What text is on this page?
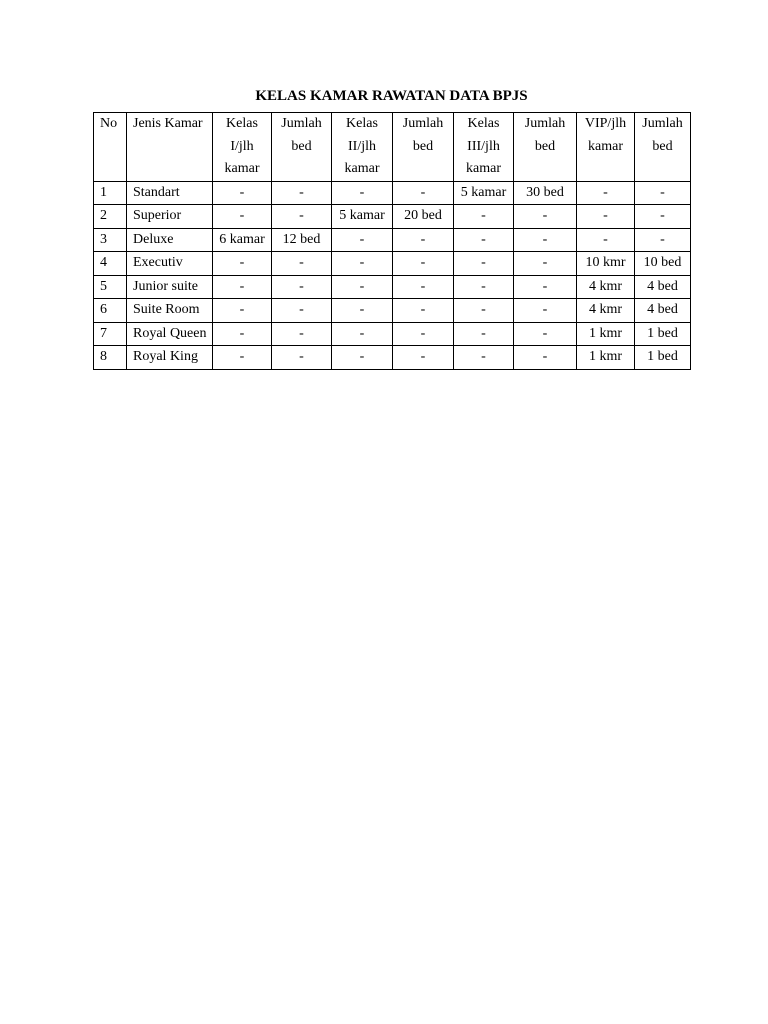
KELAS KAMAR RAWATAN DATA BPJS
No	Jenis Kamar	Kelas I/jlh kamar	Jumlah bed	Kelas II/jlh kamar	Jumlah bed	Kelas III/jlh kamar	Jumlah bed	VIP/jlh kamar	Jumlah bed
1	Standart	-	-	-	-	5 kamar	30 bed	-	-
2	Superior	-	-	5 kamar	20 bed	-	-	-	-
3	Deluxe	6 kamar	12 bed	-	-	-	-	-	-
4	Executiv	-	-	-	-	-	-	10 kmr	10 bed
5	Junior suite	-	-	-	-	-	-	4 kmr	4 bed
6	Suite Room	-	-	-	-	-	-	4 kmr	4 bed
7	Royal Queen	-	-	-	-	-	-	1 kmr	1 bed
8	Royal King	-	-	-	-	-	-	1 kmr	1 bed
